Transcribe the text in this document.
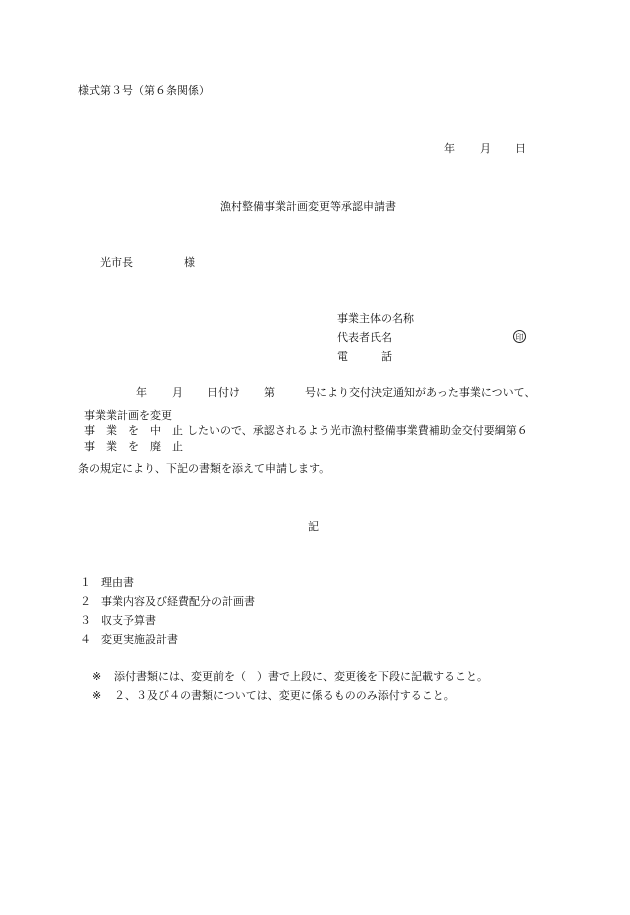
様式第３号（第６条関係）
年 月 日
漁村整備事業計画変更等承認申請書
光市長	様
事業主体の名称
代表者氏名	印
電　　　話
年 月 日付け 第	号により交付決定通知があった事業について、
事業業計画を変更
事　業　を　中　止
事　業　を　廃　止
したいので、承認されるよう光市漁村整備事業費補助金交付要綱第６
条の規定により、下記の書類を添えて申請します。
記
１ 理由書
２ 事業内容及び経費配分の計画書
３ 収支予算書
４ 変更実施設計書
※ 添付書類には、変更前を（　）書で上段に、変更後を下段に記載すること。
※ ２、３及び４の書類については、変更に係るもののみ添付すること。
